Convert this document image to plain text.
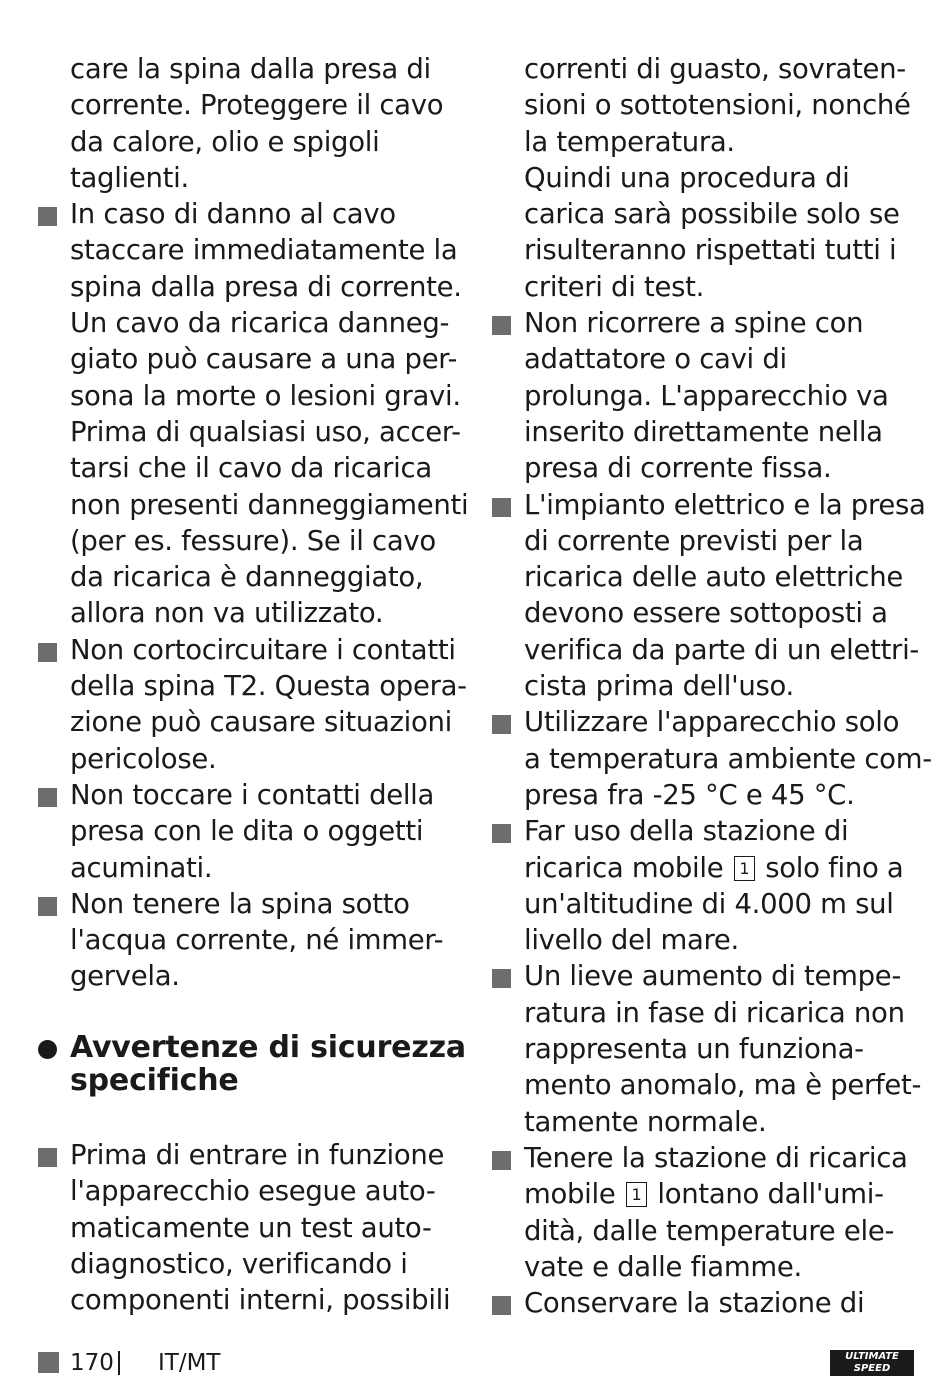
care la spina dalla presa di
corrente. Proteggere il cavo
da calore, olio e spigoli
taglienti.
In caso di danno al cavo
staccare immediatamente la
spina dalla presa di corrente.
Un cavo da ricarica danneg-
giato può causare a una per-
sona la morte o lesioni gravi.
Prima di qualsiasi uso, accer-
tarsi che il cavo da ricarica
non presenti danneggiamenti
(per es. fessure). Se il cavo
da ricarica è danneggiato,
allora non va utilizzato.
Non cortocircuitare i contatti
della spina T2. Questa opera-
zione può causare situazioni
pericolose.
Non toccare i contatti della
presa con le dita o oggetti
acuminati.
Non tenere la spina sotto
l'acqua corrente, né immer-
gervela.
Avvertenze di sicurezza
specifiche
Prima di entrare in funzione
l'apparecchio esegue auto-
maticamente un test auto-
diagnostico, verificando i
componenti interni, possibili
correnti di guasto, sovraten-
sioni o sottotensioni, nonché
la temperatura.
Quindi una procedura di
carica sarà possibile solo se
risulteranno rispettati tutti i
criteri di test.
Non ricorrere a spine con
adattatore o cavi di
prolunga. L'apparecchio va
inserito direttamente nella
presa di corrente fissa.
L'impianto elettrico e la presa
di corrente previsti per la
ricarica delle auto elettriche
devono essere sottoposti a
verifica da parte di un elettri-
cista prima dell'uso.
Utilizzare l'apparecchio solo
a temperatura ambiente com-
presa fra -25 °C e 45 °C.
Far uso della stazione di
ricarica mobile 1 solo fino a
un'altitudine di 4.000 m sul
livello del mare.
Un lieve aumento di tempe-
ratura in fase di ricarica non
rappresenta un funziona-
mento anomalo, ma è perfet-
tamente normale.
Tenere la stazione di ricarica
mobile 1 lontano dall'umi-
dità, dalle temperature ele-
vate e dalle fiamme.
Conservare la stazione di
170 IT/MT	ULTIMATE
SPEED
